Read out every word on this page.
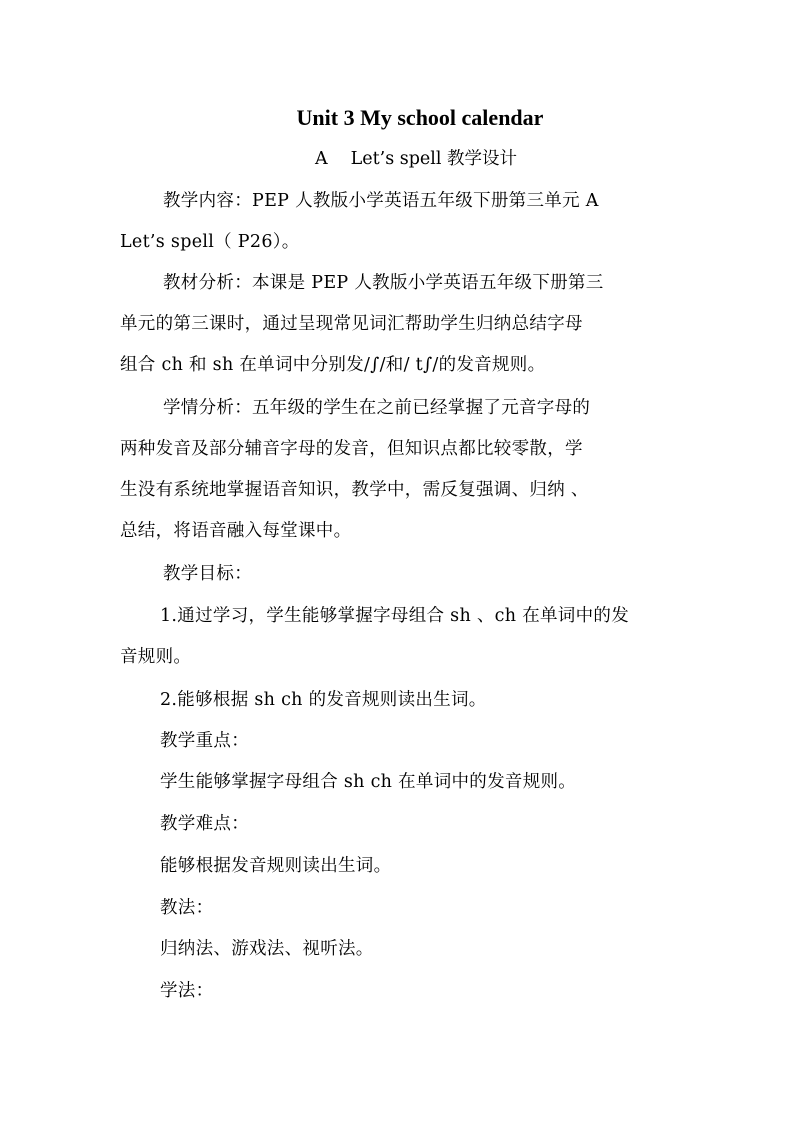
Unit 3 My school calendar
A　 Let’s spell 教学设计
教学内容：PEP 人教版小学英语五年级下册第三单元 A
Let’s spell（ P26）。
教材分析：本课是 PEP 人教版小学英语五年级下册第三
单元的第三课时，通过呈现常见词汇帮助学生归纳总结字母
组合 ch 和 sh 在单词中分别发/∫/和/ t∫/的发音规则。
学情分析：五年级的学生在之前已经掌握了元音字母的
两种发音及部分辅音字母的发音，但知识点都比较零散，学
生没有系统地掌握语音知识，教学中，需反复强调、归纳 、
总结，将语音融入每堂课中。
教学目标：
1.通过学习，学生能够掌握字母组合 sh 、ch 在单词中的发
音规则。
2.能够根据 sh ch 的发音规则读出生词。
教学重点：
学生能够掌握字母组合 sh ch 在单词中的发音规则。
教学难点：
能够根据发音规则读出生词。
教法：
归纳法、游戏法、视听法。
学法：
